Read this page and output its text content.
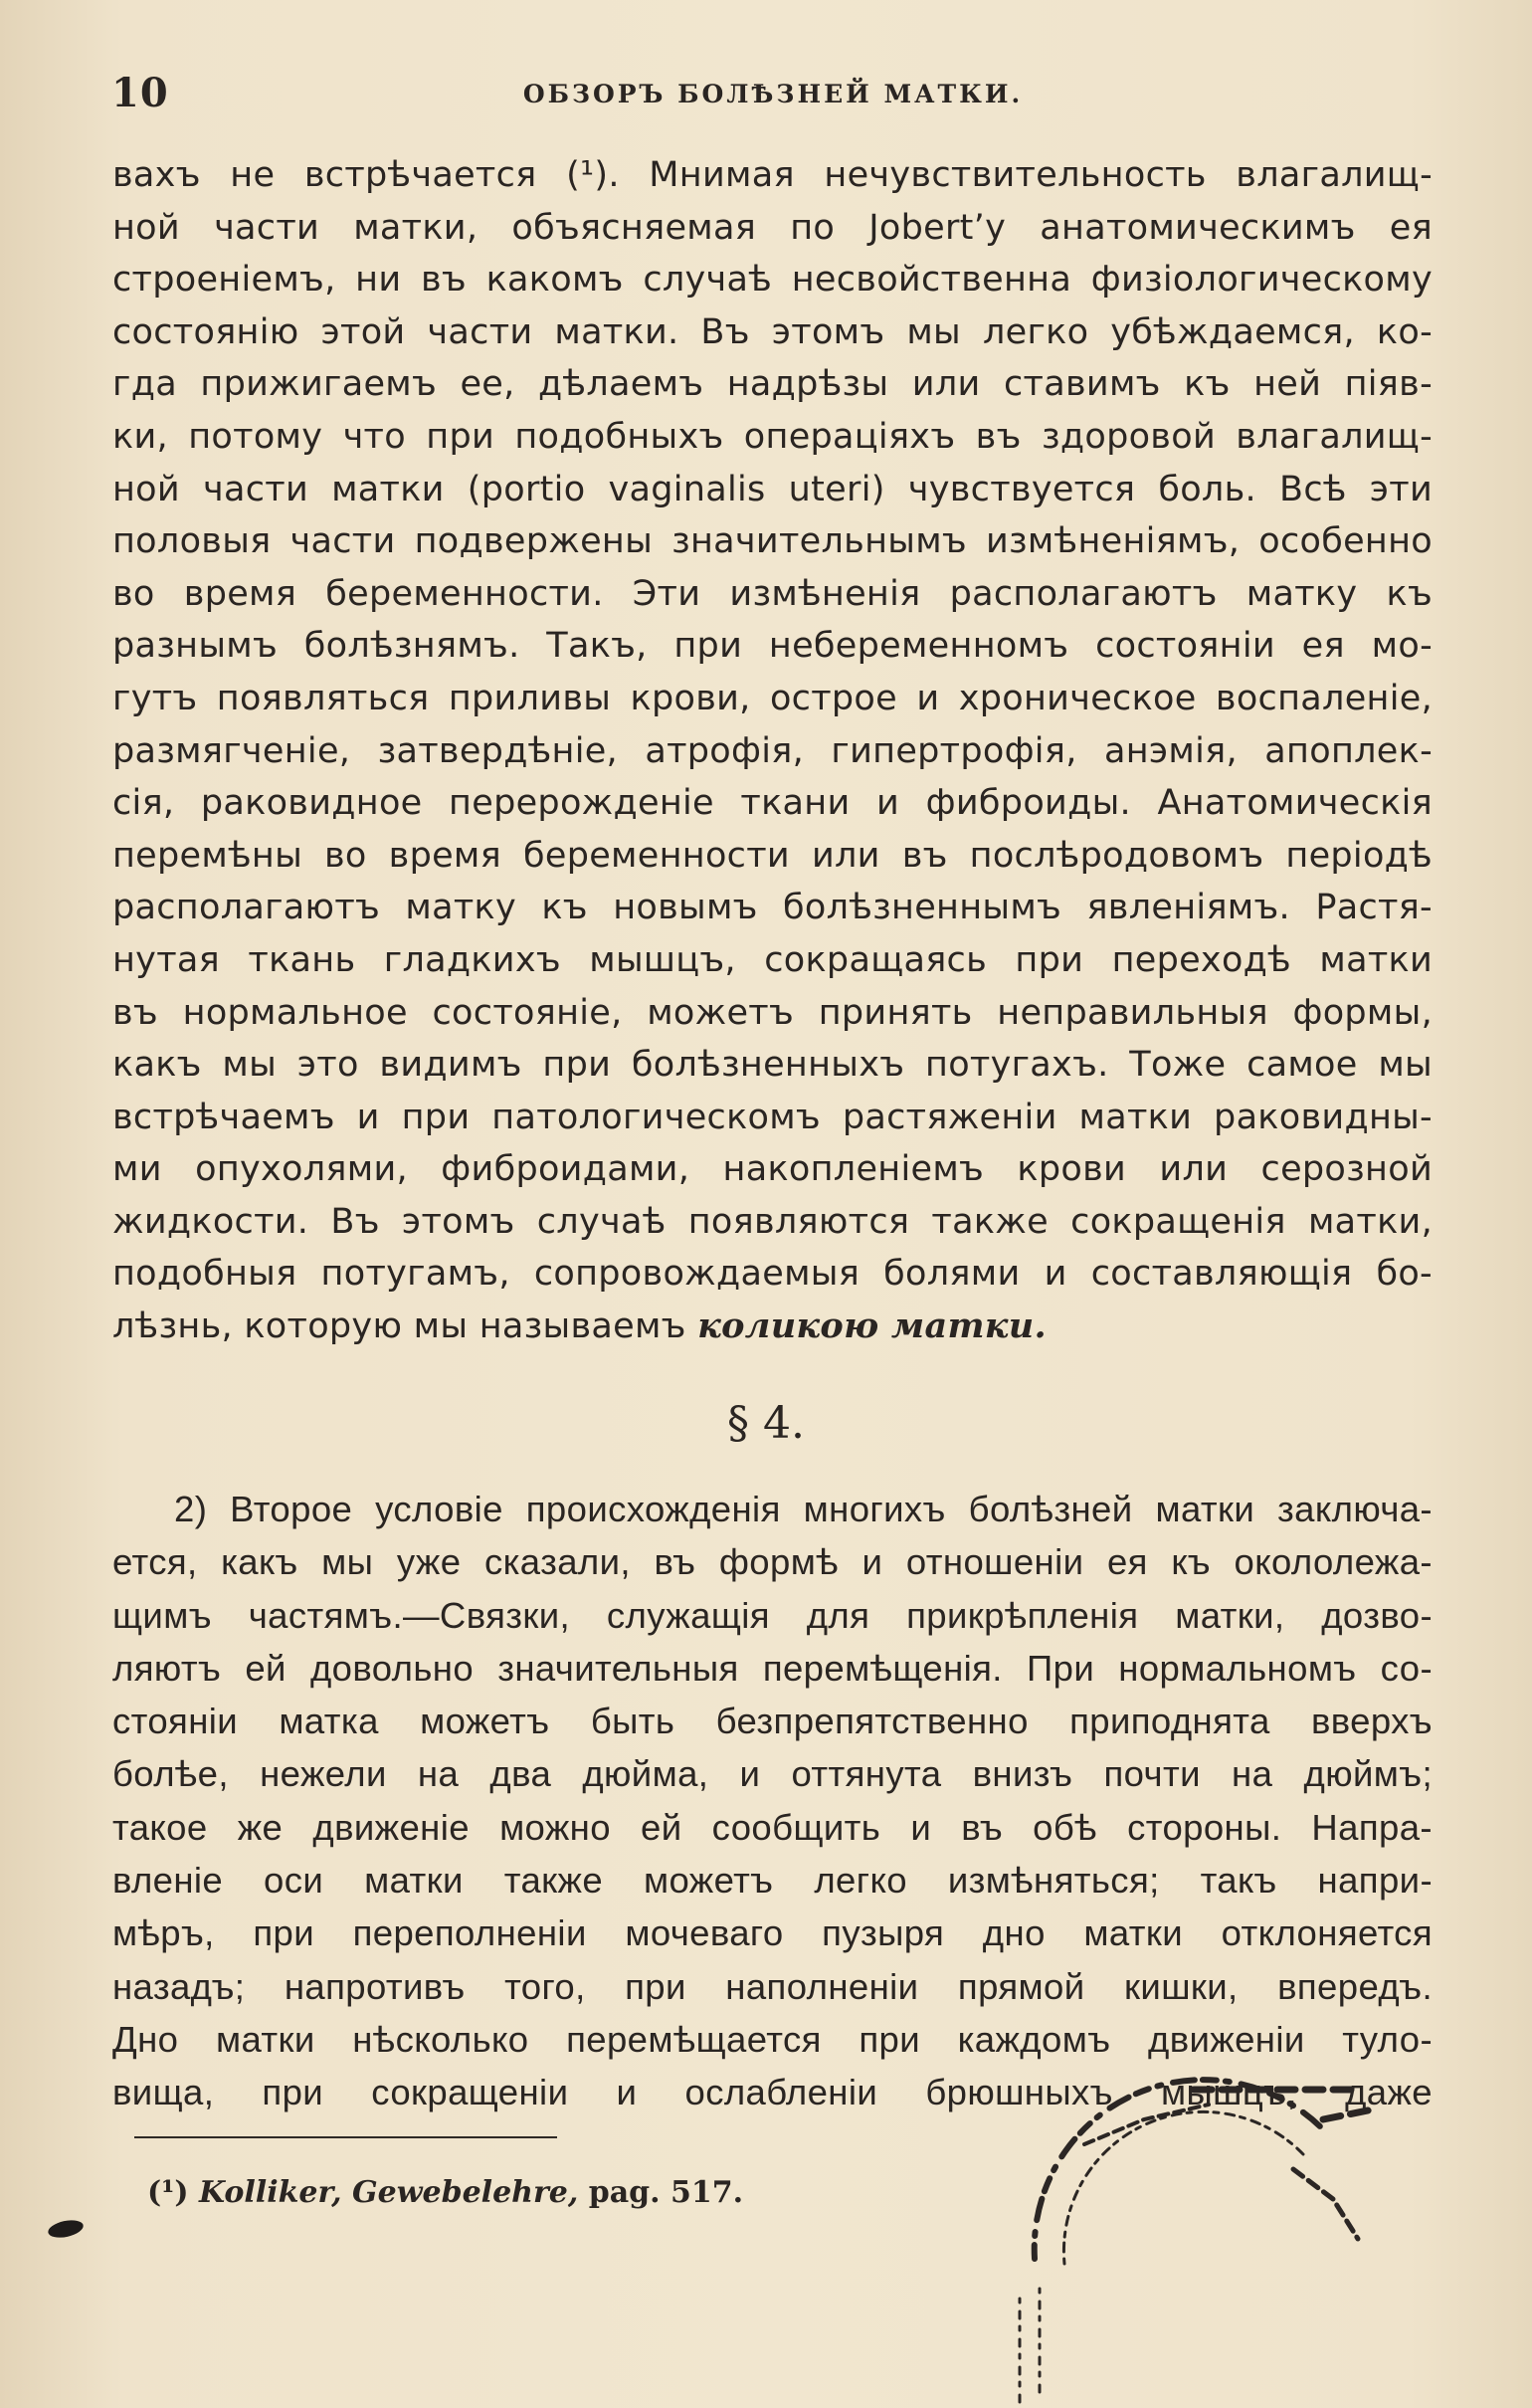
10	ОБЗОРЪ БОЛѢЗНЕЙ МАТКИ.
вахъ не встрѣчается (¹). Мнимая нечувствительность влагалищ-
ной части матки, объясняемая по Jobert’у анатомическимъ ея
строеніемъ, ни въ какомъ случаѣ несвойственна физіологическому
состоянію этой части матки. Въ этомъ мы легко убѣждаемся, ко-
гда прижигаемъ ее, дѣлаемъ надрѣзы или ставимъ къ ней піяв-
ки, потому что при подобныхъ операціяхъ въ здоровой влагалищ-
ной части матки (portio vaginalis uteri) чувствуется боль. Всѣ эти
половыя части подвержены значительнымъ измѣненіямъ, особенно
во время беременности. Эти измѣненія располагаютъ матку къ
разнымъ болѣзнямъ. Такъ, при небеременномъ состояніи ея мо-
гутъ появляться приливы крови, острое и хроническое воспаленіе,
размягченіе, затвердѣніе, атрофія, гипертрофія, анэмія, апоплек-
сія, раковидное перерожденіе ткани и фиброиды. Анатомическія
перемѣны во время беременности или въ послѣродовомъ періодѣ
располагаютъ матку къ новымъ болѣзненнымъ явленіямъ. Растя-
нутая ткань гладкихъ мышцъ, сокращаясь при переходѣ матки
въ нормальное состояніе, можетъ принять неправильныя формы,
какъ мы это видимъ при болѣзненныхъ потугахъ. Тоже самое мы
встрѣчаемъ и при патологическомъ растяженіи матки раковидны-
ми опухолями, фиброидами, накопленіемъ крови или серозной
жидкости. Въ этомъ случаѣ появляются также сокращенія матки,
подобныя потугамъ, сопровождаемыя болями и составляющія бо-
лѣзнь, которую мы называемъ коликою матки.
§ 4.
2) Второе условіе происхожденія многихъ болѣзней матки заключа-
ется, какъ мы уже сказали, въ формѣ и отношеніи ея къ окололежа-
щимъ частямъ.—Связки, служащія для прикрѣпленія матки, дозво-
ляютъ ей довольно значительныя перемѣщенія. При нормальномъ со-
стояніи матка можетъ быть безпрепятственно приподнята вверхъ
болѣе, нежели на два дюйма, и оттянута внизъ почти на дюймъ;
такое же движеніе можно ей сообщить и въ обѣ стороны. Напра-
вленіе оси матки также можетъ легко измѣняться; такъ напри-
мѣръ, при переполненіи мочеваго пузыря дно матки отклоняется
назадъ; напротивъ того, при наполненіи прямой кишки, впередъ.
Дно матки нѣсколько перемѣщается при каждомъ движеніи туло-
вища, при сокращеніи и ослабленіи брюшныхъ мышцъ, даже
(¹) Kolliker, Gewebelehre, pag. 517.
